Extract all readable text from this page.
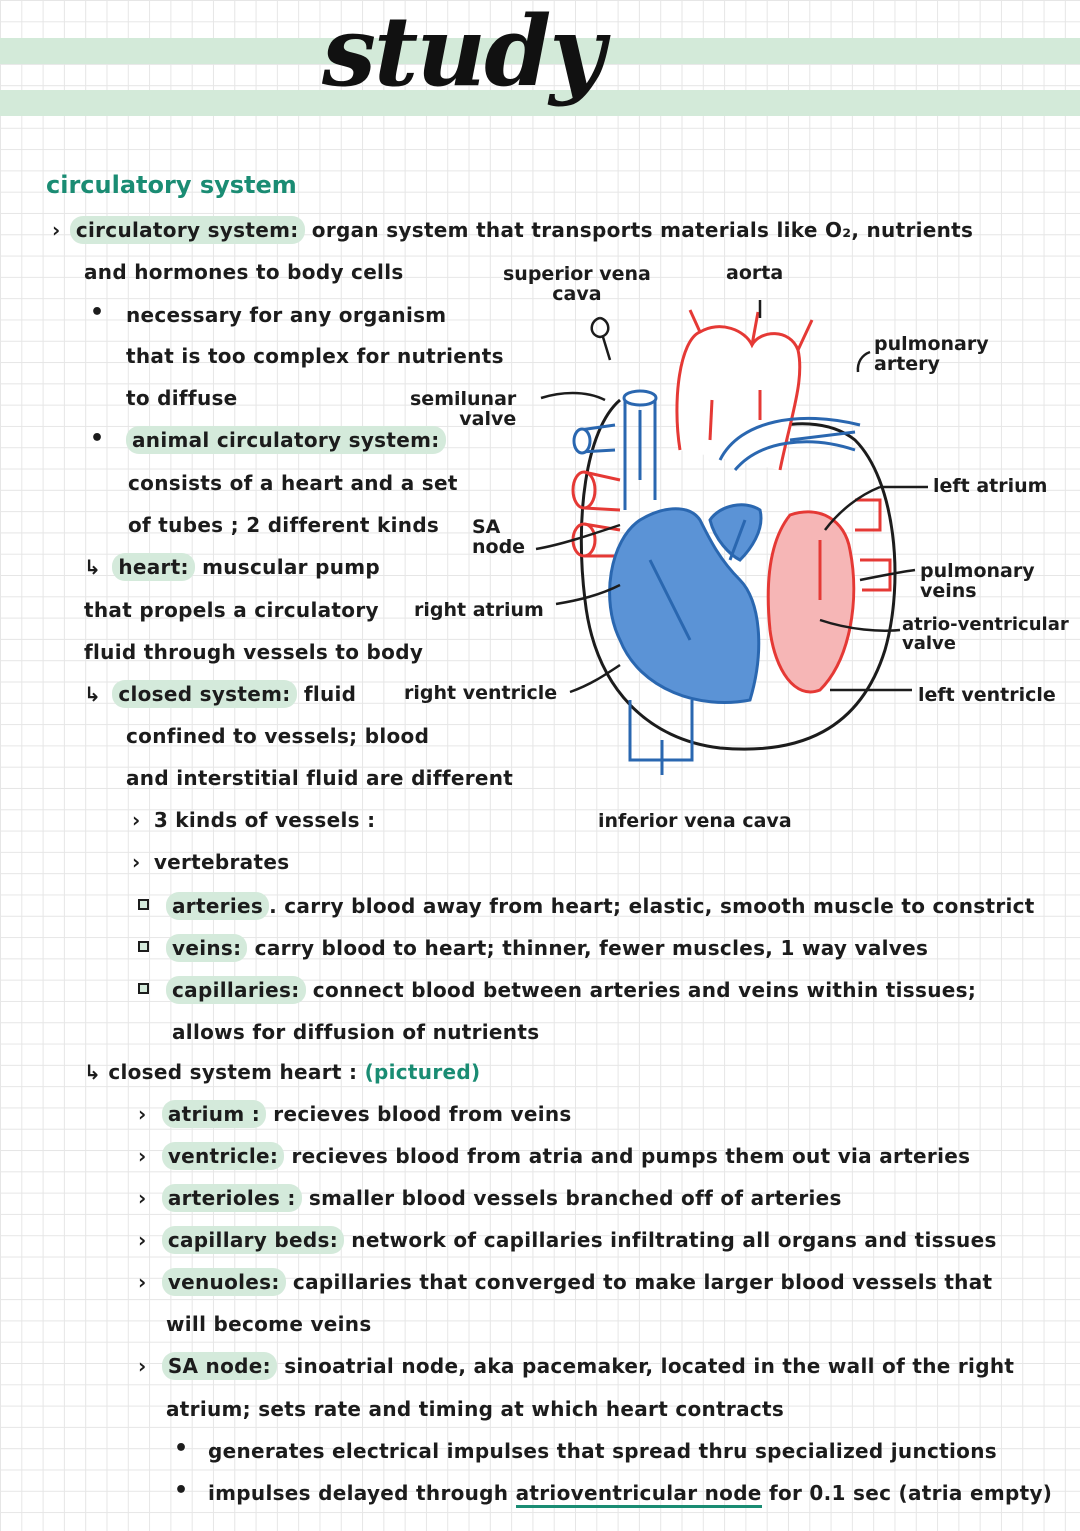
study
circulatory system
› circulatory system: organ system that transports materials like O₂, nutrients
and hormones to body cells
• necessary for any organism
that is too complex for nutrients
to diffuse
•	animal circulatory system:
consists of a heart and a set
of tubes ; 2 different kinds
↳ heart: muscular pump
that propels a circulatory
fluid through vessels to body
↳ closed system: fluid
confined to vessels; blood
and interstitial fluid are different
› 3 kinds of vessels :
› vertebrates
arteries . carry blood away from heart; elastic, smooth muscle to constrict
veins: carry blood to heart; thinner, fewer muscles, 1 way valves
capillaries: connect blood between arteries and veins within tissues;
allows for diffusion of nutrients
↳ closed system heart : (pictured)
› atrium : recieves blood from veins
› ventricle: recieves blood from atria and pumps them out via arteries
› arterioles : smaller blood vessels branched off of arteries
› capillary beds: network of capillaries infiltrating all organs and tissues
› venuoles: capillaries that converged to make larger blood vessels that
will become veins
› SA node: sinoatrial node, aka pacemaker, located in the wall of the right
atrium; sets rate and timing at which heart contracts
• generates electrical impulses that spread thru specialized junctions
• impulses delayed through atrioventricular node for 0.1 sec (atria empty)
superior vena
cava
aorta
pulmonary
artery
semilunar
valve
left atrium
SA
node
pulmonary
veins
atrio-ventricular
valve
right atrium
right ventricle	left ventricle
inferior vena cava
